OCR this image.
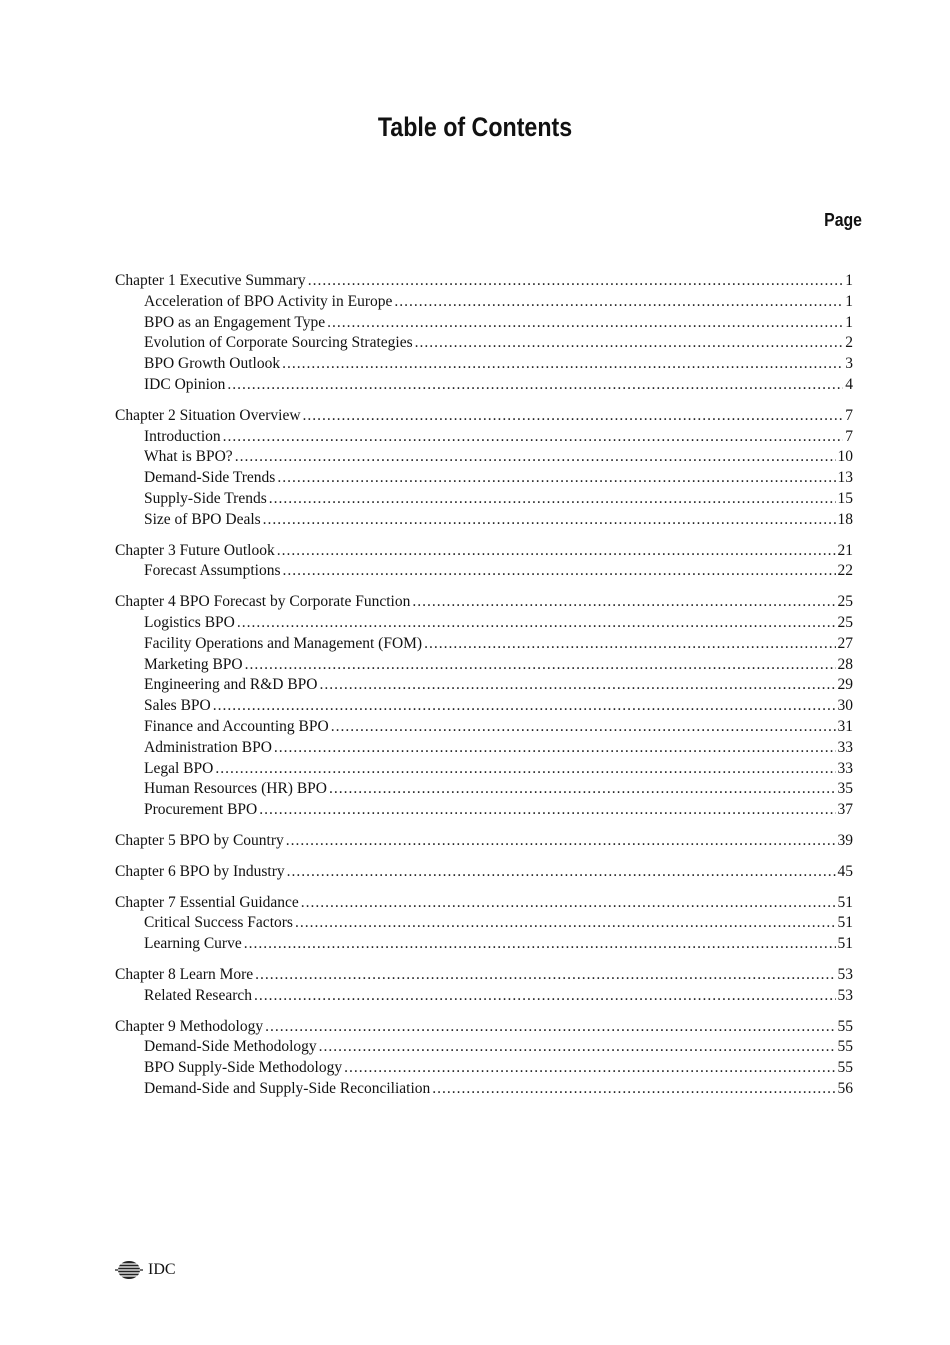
Table of Contents
Page
Chapter 1 Executive Summary .....	1
Acceleration of BPO Activity in Europe .....	1
BPO as an Engagement Type .....	1
Evolution of Corporate Sourcing Strategies .....	2
BPO Growth Outlook .....	3
IDC Opinion .....	4
Chapter 2 Situation Overview .....	7
Introduction .....	7
What is BPO? .....	10
Demand-Side Trends .....	13
Supply-Side Trends .....	15
Size of BPO Deals .....	18
Chapter 3 Future Outlook .....	21
Forecast Assumptions .....	22
Chapter 4 BPO Forecast by Corporate Function .....	25
Logistics BPO .....	25
Facility Operations and Management (FOM) .....	27
Marketing BPO .....	28
Engineering and R&D BPO .....	29
Sales BPO .....	30
Finance and Accounting BPO .....	31
Administration BPO .....	33
Legal BPO .....	33
Human Resources (HR) BPO .....	35
Procurement BPO .....	37
Chapter 5 BPO by Country .....	39
Chapter 6 BPO by Industry .....	45
Chapter 7 Essential Guidance .....	51
Critical Success Factors .....	51
Learning Curve .....	51
Chapter 8 Learn More .....	53
Related Research .....	53
Chapter 9 Methodology .....	55
Demand-Side Methodology .....	55
BPO Supply-Side Methodology .....	55
Demand-Side and Supply-Side Reconciliation .....	56
IDC
